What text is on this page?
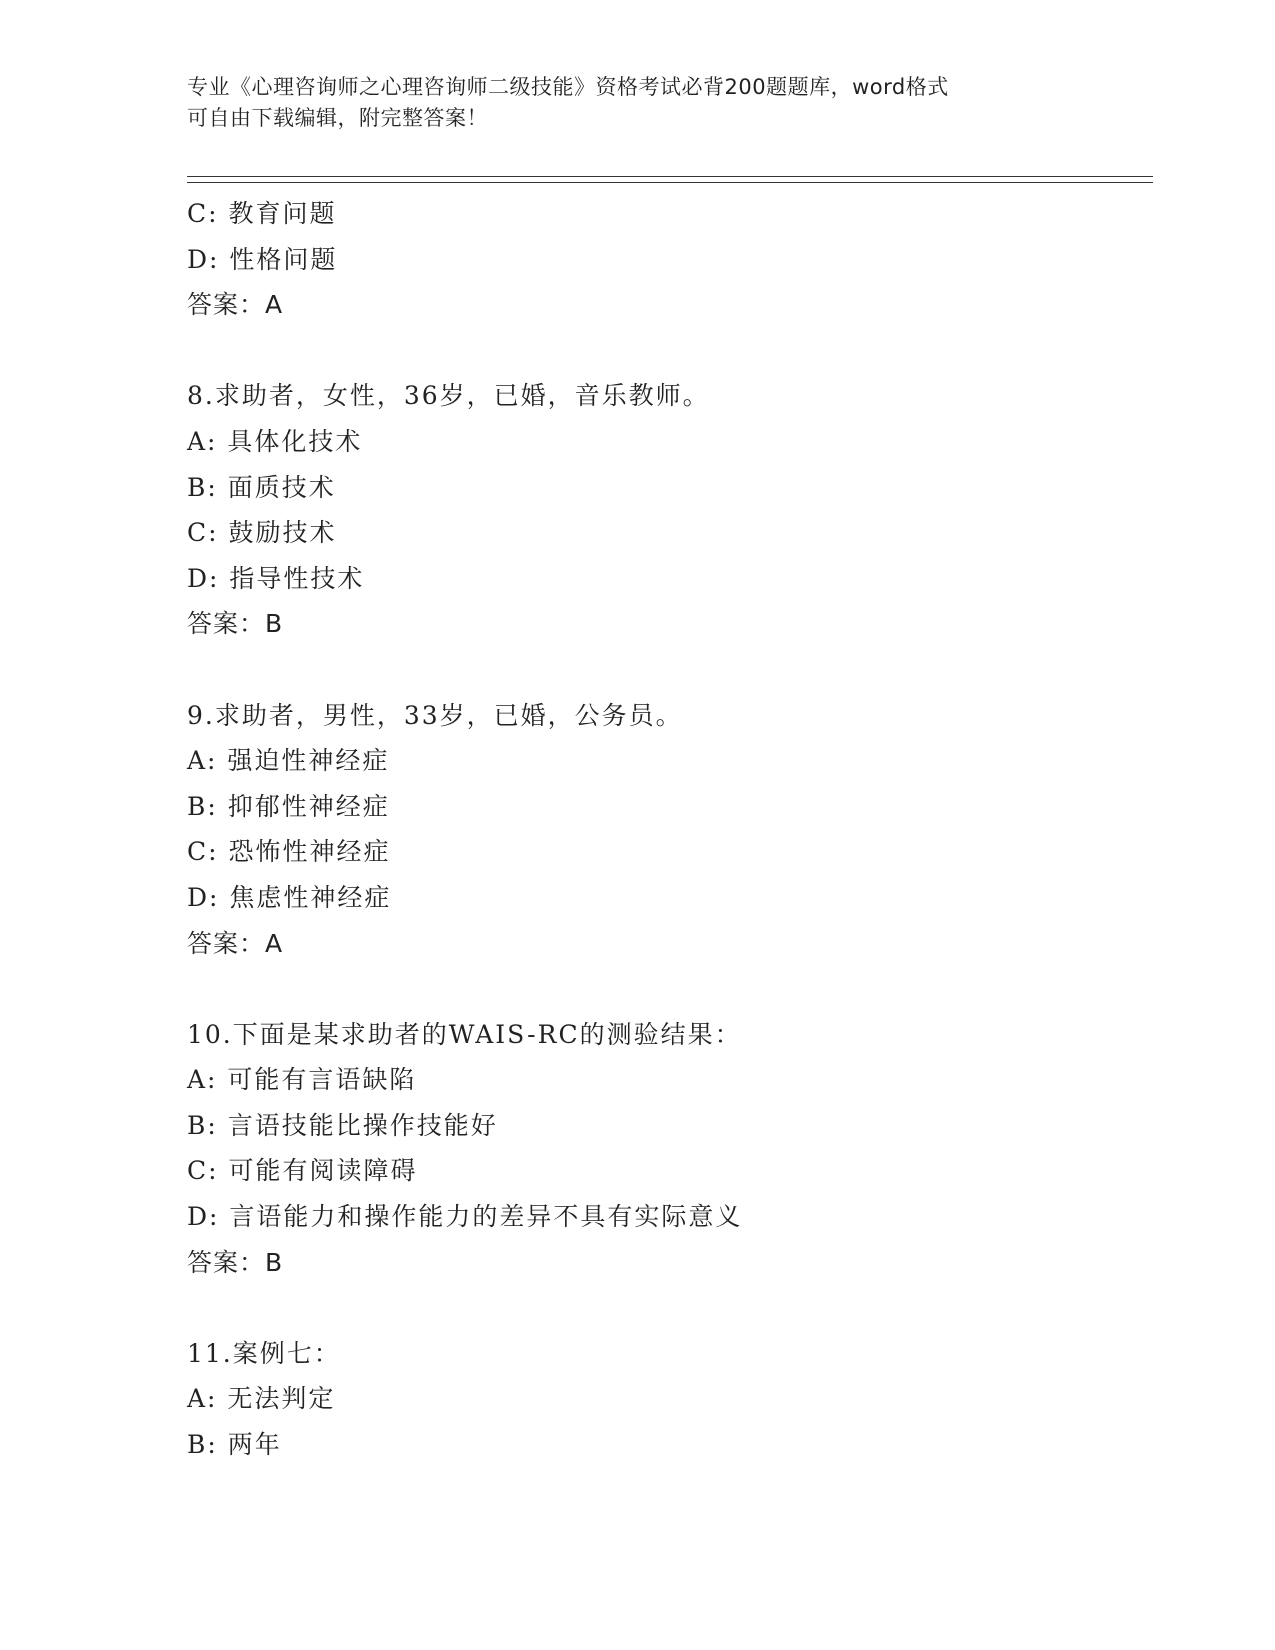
专业《心理咨询师之心理咨询师二级技能》资格考试必背200题题库，word格式
可自由下载编辑，附完整答案！
C: 教育问题
D: 性格问题
答案：A
8.求助者，女性，36岁，已婚，音乐教师。
A: 具体化技术
B: 面质技术
C: 鼓励技术
D: 指导性技术
答案：B
9.求助者，男性，33岁，已婚，公务员。
A: 强迫性神经症
B: 抑郁性神经症
C: 恐怖性神经症
D: 焦虑性神经症
答案：A
10.下面是某求助者的WAIS-RC的测验结果：
A: 可能有言语缺陷
B: 言语技能比操作技能好
C: 可能有阅读障碍
D: 言语能力和操作能力的差异不具有实际意义
答案：B
11.案例七：
A: 无法判定
B: 两年
